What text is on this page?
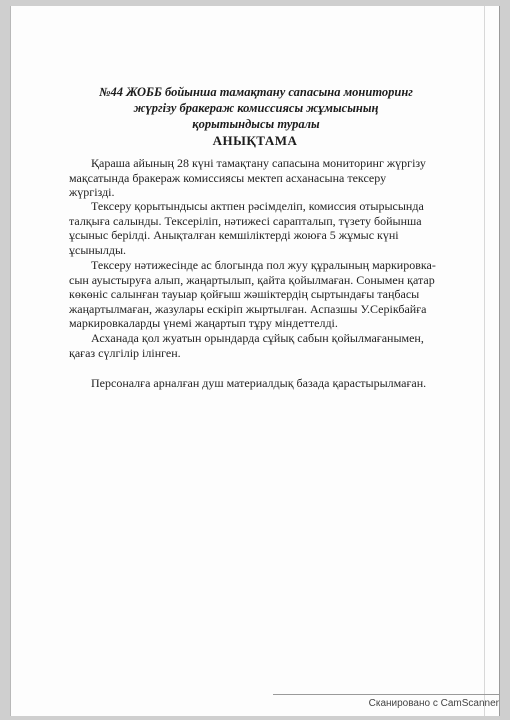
№44 ЖОББ бойынша тамақтану сапасына мониторинг
жүргізу бракераж комиссиясы жұмысының
қорытындысы туралы
АНЫҚТАМА

Қараша айының 28 күні тамақтану сапасына мониторинг жүргізу
мақсатында бракераж комиссиясы мектеп асханасына тексеру
жүргізді.

Тексеру қорытындысы актпен рәсімделіп, комиссия отырысында
талқыға салынды. Тексеріліп, нәтижесі сарапталып, түзету бойынша
ұсыныс берілді. Анықталған кемшіліктерді жоюға 5 жұмыс күні
ұсынылды.

Тексеру нәтижесінде ас блогында пол жуу құралының маркировка-
сын ауыстыруға алып, жаңартылып, қайта қойылмаған. Сонымен қатар
көкөніс салынған тауыар қойғыш жәшіктердің сыртындағы таңбасы
жаңартылмаған, жазулары ескіріп жыртылған. Аспазшы У.Серікбайға
маркировкаларды үнемі жаңартып тұру міндеттелді.

Асханада қол жуатын орындарда сұйық сабын қойылмағанымен,
қағаз сүлгілір ілінген.

Персоналға арналған душ материалдық базада қарастырылмаған.

Сканировано с CamScanner
